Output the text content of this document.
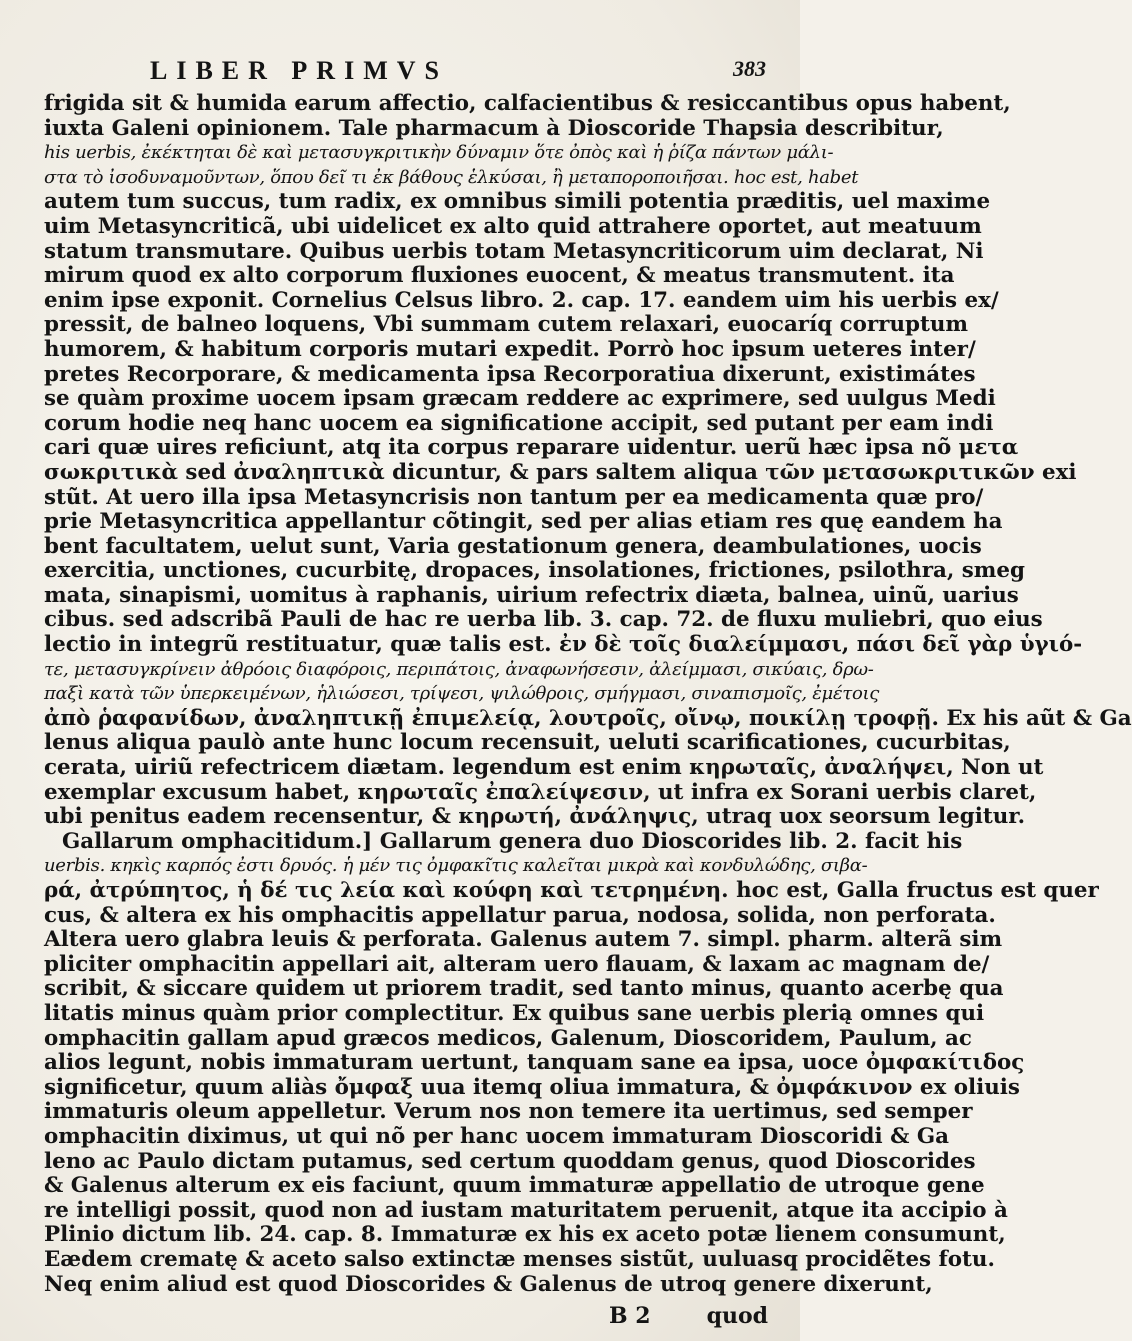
LIBER PRIMVS	383
frigida sit & humida earum affectio, calfacientibus & resiccantibus opus habent,
iuxta Galeni opinionem. Tale pharmacum à Dioscoride Thapsia describitur,
his uerbis, ἐκέκτηται δὲ καὶ μετασυγκριτικὴν δύναμιν ὅτε ὀπὸς καὶ ἡ ῥίζα πάντων μάλι-
στα τὸ ἰσοδυναμοῦντων, ὅπου δεῖ τι ἐκ βάθους ἑλκύσαι, ἢ μεταποροποιῆσαι. hoc est, habet
autem tum succus, tum radix, ex omnibus simili potentia præditis, uel maxime
uim Metasyncriticã, ubi uidelicet ex alto quid attrahere oportet, aut meatuum
statum transmutare. Quibus uerbis totam Metasyncriticorum uim declarat, Ni
mirum quod ex alto corporum fluxiones euocent, & meatus transmutent. ita
enim ipse exponit. Cornelius Celsus libro. 2. cap. 17. eandem uim his uerbis ex/
pressit, de balneo loquens, Vbi summam cutem relaxari, euocaríq corruptum
humorem, & habitum corporis mutari expedit. Porrò hoc ipsum ueteres inter/
pretes Recorporare, & medicamenta ipsa Recorporatiua dixerunt, existimátes
se quàm proxime uocem ipsam græcam reddere ac exprimere, sed uulgus Medi
corum hodie neq hanc uocem ea significatione accipit, sed putant per eam indi
cari quæ uires reficiunt, atq ita corpus reparare uidentur. uerũ hæc ipsa nõ μετα
σωκριτικὰ sed ἀναληπτικὰ dicuntur, & pars saltem aliqua τῶν μετασωκριτικῶν exi
stũt. At uero illa ipsa Metasyncrisis non tantum per ea medicamenta quæ pro/
prie Metasyncritica appellantur cõtingit, sed per alias etiam res quę eandem ha
bent facultatem, uelut sunt, Varia gestationum genera, deambulationes, uocis
exercitia, unctiones, cucurbitę, dropaces, insolationes, frictiones, psilothra, smeg
mata, sinapismi, uomitus à raphanis, uirium refectrix diæta, balnea, uinũ, uarius
cibus. sed adscribã Pauli de hac re uerba lib. 3. cap. 72. de fluxu muliebri, quo eius
lectio in integrũ restituatur, quæ talis est. ἐν δὲ τοῖς διαλείμμασι, πάσι δεῖ γὰρ ὑγιό-
τε, μετασυγκρίνειν ἀθρόοις διαφόροις, περιπάτοις, ἀναφωνήσεσιν, ἀλείμμασι, σικύαις, δρω-
παξὶ κατὰ τῶν ὑπερκειμένων, ἡλιώσεσι, τρίψεσι, ψιλώθροις, σμήγμασι, σιναπισμοῖς, ἐμέτοις
ἀπὸ ῥαφανίδων, ἀναληπτικῇ ἐπιμελείᾳ, λουτροῖς, οἴνῳ, ποικίλῃ τροφῇ. Ex his aũt & Ga
lenus aliqua paulò ante hunc locum recensuit, ueluti scarificationes, cucurbitas,
cerata, uiriũ refectricem diætam. legendum est enim κηρωταῖς, ἀναλήψει, Non ut
exemplar excusum habet, κηρωταῖς ἐπαλείψεσιν, ut infra ex Sorani uerbis claret,
ubi penitus eadem recensentur, & κηρωτή, ἀνάληψις, utraq uox seorsum legitur.
Gallarum omphacitidum.] Gallarum genera duo Dioscorides lib. 2. facit his
uerbis. κηκὶς καρπός ἐστι δρυός. ἡ μέν τις ὀμφακῖτις καλεῖται μικρὰ καὶ κονδυλώδης, σιβα-
ρά, ἀτρύπητος, ἡ δέ τις λεία καὶ κούφη καὶ τετρημένη. hoc est, Galla fructus est quer
cus, & altera ex his omphacitis appellatur parua, nodosa, solida, non perforata.
Altera uero glabra leuis & perforata. Galenus autem 7. simpl. pharm. alterã sim
pliciter omphacitin appellari ait, alteram uero flauam, & laxam ac magnam de/
scribit, & siccare quidem ut priorem tradit, sed tanto minus, quanto acerbę qua
litatis minus quàm prior complectitur. Ex quibus sane uerbis plerią omnes qui
omphacitin gallam apud græcos medicos, Galenum, Dioscoridem, Paulum, ac
alios legunt, nobis immaturam uertunt, tanquam sane ea ipsa, uoce ὀμφακίτιδος
significetur, quum aliàs ὄμφαξ uua itemq oliua immatura, & ὀμφάκινον ex oliuis
immaturis oleum appelletur. Verum nos non temere ita uertimus, sed semper
omphacitin diximus, ut qui nõ per hanc uocem immaturam Dioscoridi & Ga
leno ac Paulo dictam putamus, sed certum quoddam genus, quod Dioscorides
& Galenus alterum ex eis faciunt, quum immaturæ appellatio de utroque gene
re intelligi possit, quod non ad iustam maturitatem peruenit, atque ita accipio à
Plinio dictum lib. 24. cap. 8. Immaturæ ex his ex aceto potæ lienem consumunt,
Eædem crematę & aceto salso extinctæ menses sistũt, uuluasq procidẽtes fotu.
Neq enim aliud est quod Dioscorides & Galenus de utroq genere dixerunt,
B 2	quod
